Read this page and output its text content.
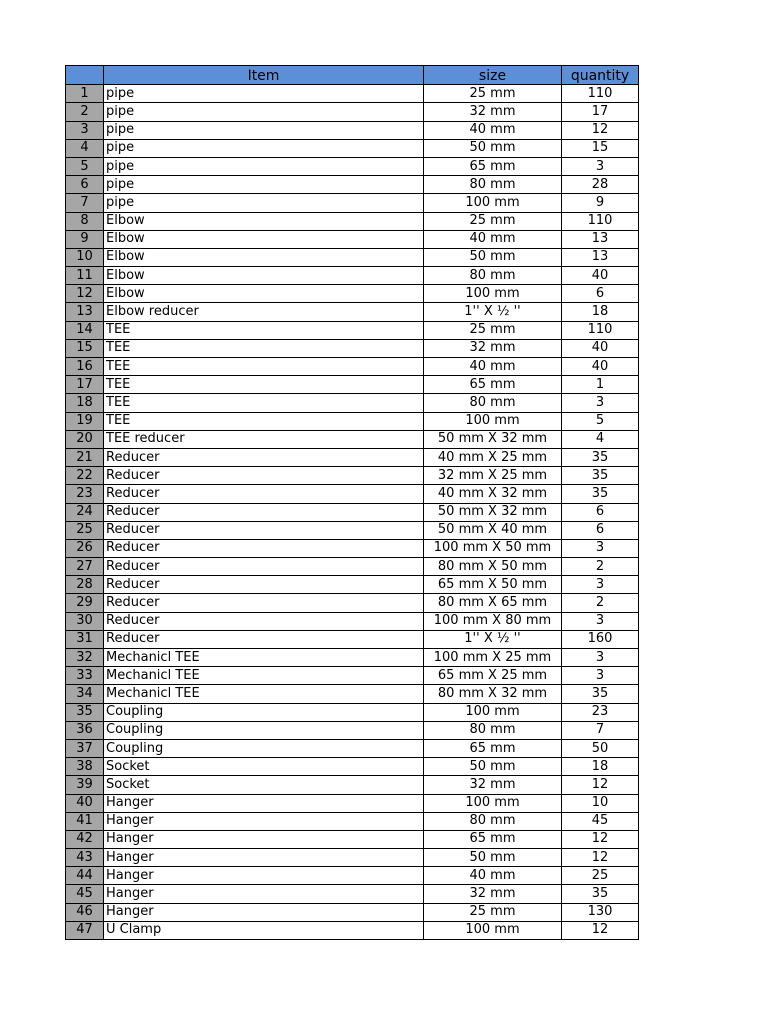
	Item	size	quantity
1	pipe	25 mm	110
2	pipe	32 mm	17
3	pipe	40 mm	12
4	pipe	50 mm	15
5	pipe	65 mm	3
6	pipe	80 mm	28
7	pipe	100 mm	9
8	Elbow	25 mm	110
9	Elbow	40 mm	13
10	Elbow	50 mm	13
11	Elbow	80 mm	40
12	Elbow	100 mm	6
13	Elbow reducer	1'' X ½ ''	18
14	TEE	25 mm	110
15	TEE	32 mm	40
16	TEE	40 mm	40
17	TEE	65 mm	1
18	TEE	80 mm	3
19	TEE	100 mm	5
20	TEE reducer	50 mm X 32 mm	4
21	Reducer	40 mm X 25 mm	35
22	Reducer	32 mm X 25 mm	35
23	Reducer	40 mm X 32 mm	35
24	Reducer	50 mm X 32 mm	6
25	Reducer	50 mm X 40 mm	6
26	Reducer	100 mm X 50 mm	3
27	Reducer	80 mm X 50 mm	2
28	Reducer	65 mm X 50 mm	3
29	Reducer	80 mm X 65 mm	2
30	Reducer	100 mm X 80 mm	3
31	Reducer	1'' X ½ ''	160
32	Mechanicl TEE	100 mm X 25 mm	3
33	Mechanicl TEE	65 mm X 25 mm	3
34	Mechanicl TEE	80 mm X 32 mm	35
35	Coupling	100 mm	23
36	Coupling	80 mm	7
37	Coupling	65 mm	50
38	Socket	50 mm	18
39	Socket	32 mm	12
40	Hanger	100 mm	10
41	Hanger	80 mm	45
42	Hanger	65 mm	12
43	Hanger	50 mm	12
44	Hanger	40 mm	25
45	Hanger	32 mm	35
46	Hanger	25 mm	130
47	U Clamp	100 mm	12
